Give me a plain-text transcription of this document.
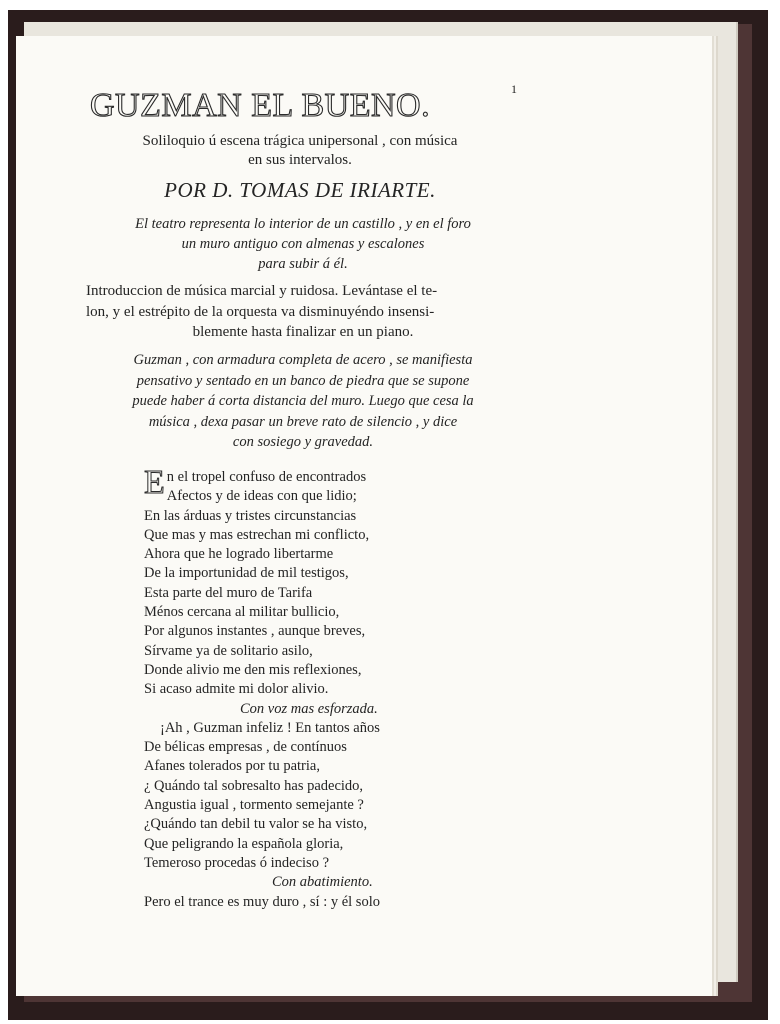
1
GUZMAN EL BUENO.
Soliloquio ú escena trágica unipersonal , con música
en sus intervalos.
POR D. TOMAS DE IRIARTE.
El teatro representa lo interior de un castillo , y en el foro
un muro antiguo con almenas y escalones
para subir á él.
Introduccion de música marcial y ruidosa. Levántase el te-
lon, y el estrépito de la orquesta va disminuyéndo insensi-
blemente hasta finalizar en un piano.
Guzman , con armadura completa de acero , se manifiesta
pensativo y sentado en un banco de piedra que se supone
puede haber á corta distancia del muro. Luego que cesa la
música , dexa pasar un breve rato de silencio , y dice
con sosiego y gravedad.
E n el tropel confuso de encontrados
Afectos y de ideas con que lidio;
En las árduas y tristes circunstancias
Que mas y mas estrechan mi conflicto,
Ahora que he logrado libertarme
De la importunidad de mil testigos,
Esta parte del muro de Tarifa
Ménos cercana al militar bullicio,
Por algunos instantes , aunque breves,
Sírvame ya de solitario asilo,
Donde alivio me den mis reflexiones,
Si acaso admite mi dolor alivio.
Con voz mas esforzada.
¡Ah , Guzman infeliz ! En tantos años
De bélicas empresas , de contínuos
Afanes tolerados por tu patria,
¿ Quándo tal sobresalto has padecido,
Angustia igual , tormento semejante ?
¿Quándo tan debil tu valor se ha visto,
Que peligrando la española gloria,
Temeroso procedas ó indeciso ?
Con abatimiento.
Pero el trance es muy duro , sí : y él solo
